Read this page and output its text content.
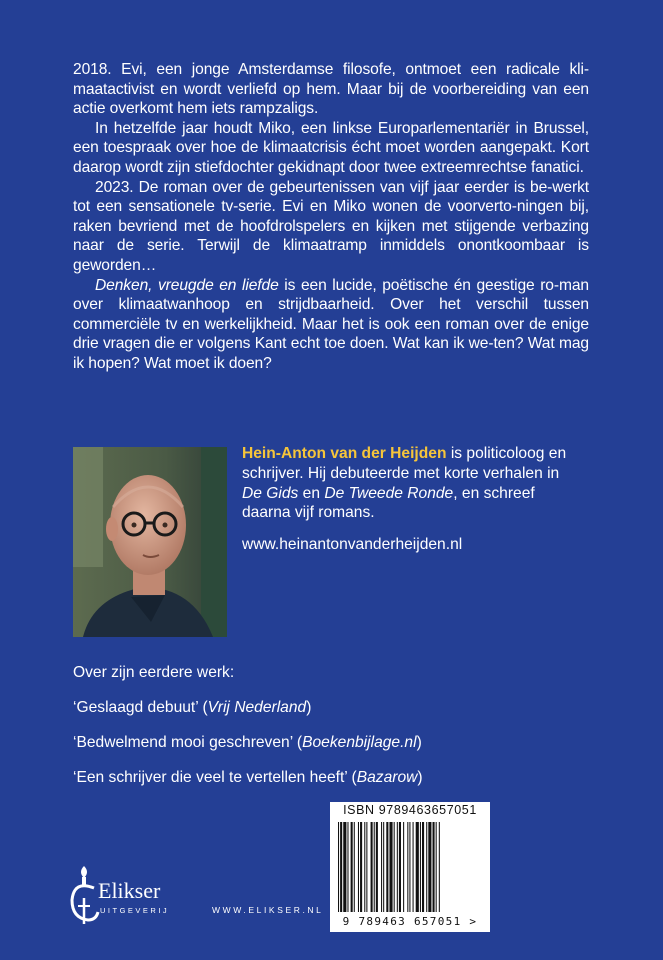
2018. Evi, een jonge Amsterdamse filosofe, ontmoet een radicale kli-maatactivist en wordt verliefd op hem. Maar bij de voorbereiding van een actie overkomt hem iets rampzaligs.

In hetzelfde jaar houdt Miko, een linkse Europarlementariër in Brussel, een toespraak over hoe de klimaatcrisis écht moet worden aangepakt. Kort daarop wordt zijn stiefdochter gekidnapt door twee extreemrechtse fanatici.

2023. De roman over de gebeurtenissen van vijf jaar eerder is be-werkt tot een sensationele tv-serie. Evi en Miko wonen de voorverto-ningen bij, raken bevriend met de hoofdrolspelers en kijken met stijgende verbazing naar de serie. Terwijl de klimaatramp inmiddels onontkoombaar is geworden…

Denken, vreugde en liefde is een lucide, poëtische én geestige ro-man over klimaatwanhoop en strijdbaarheid. Over het verschil tussen commerciële tv en werkelijkheid. Maar het is ook een roman over de enige drie vragen die er volgens Kant echt toe doen. Wat kan ik we-ten? Wat mag ik hopen? Wat moet ik doen?

Hein-Anton van der Heijden is politicoloog en schrijver. Hij debuteerde met korte verhalen in De Gids en De Tweede Ronde, en schreef daarna vijf romans.
www.heinantonvanderheijden.nl
Over zijn eerdere werk:
‘Geslaagd debuut’ (Vrij Nederland)
‘Bedwelmend mooi geschreven’ (Boekenbijlage.nl)
‘Een schrijver die veel te vertellen heeft’ (Bazarow)
ISBN 9789463657051
9 789463 657051 >
Elikser
UITGEVERIJ	WWW.ELIKSER.NL
